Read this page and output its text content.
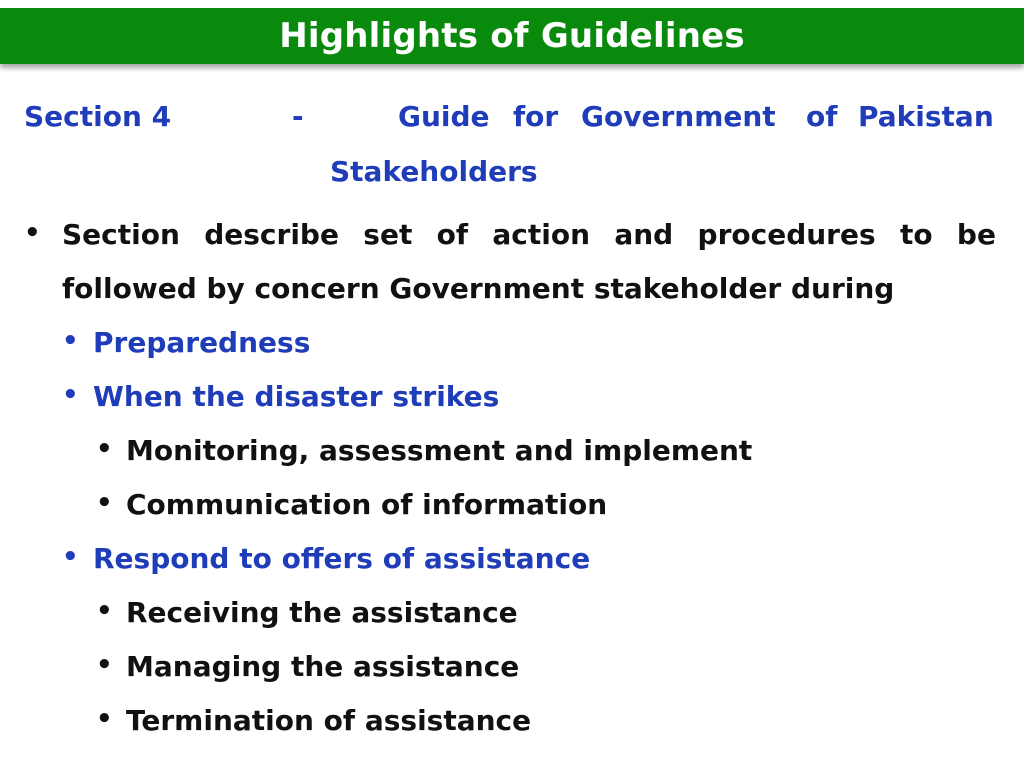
Highlights of Guidelines
Section 4	-	Guide for Government of Pakistan
Stakeholders
• Section describe set of action and procedures to be
followed by concern Government stakeholder during
• Preparedness
• When the disaster strikes
• Monitoring, assessment and implement
• Communication of information
• Respond to offers of assistance
• Receiving the assistance
• Managing the assistance
• Termination of assistance
